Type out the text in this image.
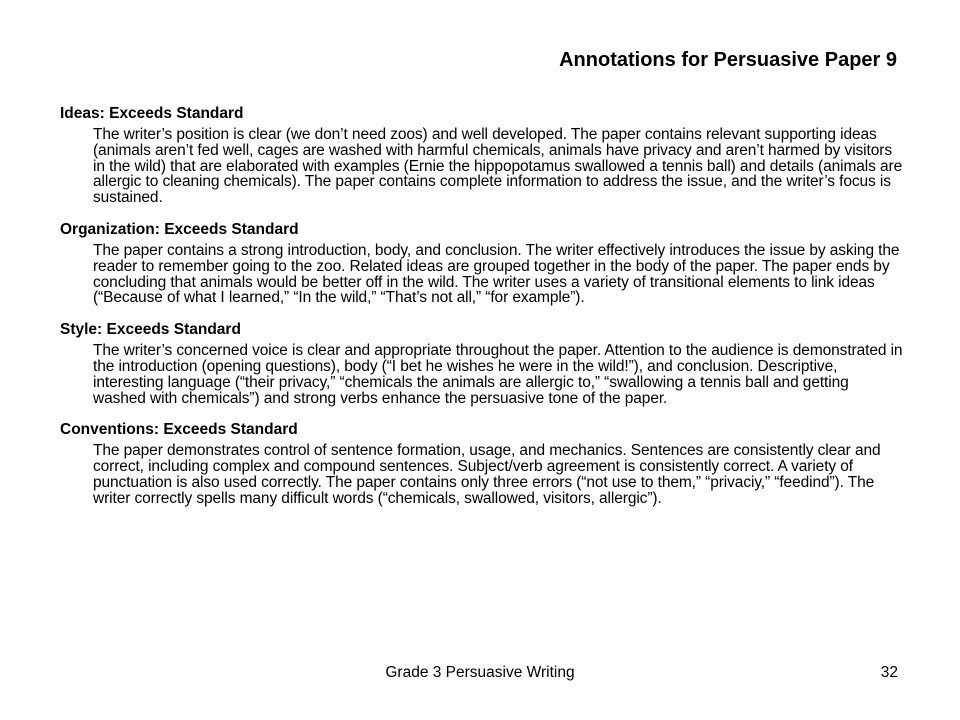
Annotations for Persuasive Paper 9
Ideas: Exceeds Standard
The writer’s position is clear (we don’t need zoos) and well developed. The paper contains relevant supporting ideas (animals aren’t fed well, cages are washed with harmful chemicals, animals have privacy and aren’t harmed by visitors in the wild) that are elaborated with examples (Ernie the hippopotamus swallowed a tennis ball) and details (animals are allergic to cleaning chemicals). The paper contains complete information to address the issue, and the writer’s focus is sustained.
Organization: Exceeds Standard
The paper contains a strong introduction, body, and conclusion. The writer effectively introduces the issue by asking the reader to remember going to the zoo. Related ideas are grouped together in the body of the paper. The paper ends by concluding that animals would be better off in the wild. The writer uses a variety of transitional elements to link ideas (“Because of what I learned,” “In the wild,” “That’s not all,” “for example”).
Style: Exceeds Standard
The writer’s concerned voice is clear and appropriate throughout the paper. Attention to the audience is demonstrated in the introduction (opening questions), body (“I bet he wishes he were in the wild!”), and conclusion. Descriptive, interesting language (“their privacy,” “chemicals the animals are allergic to,” “swallowing a tennis ball and getting washed with chemicals”) and strong verbs enhance the persuasive tone of the paper.
Conventions: Exceeds Standard
The paper demonstrates control of sentence formation, usage, and mechanics. Sentences are consistently clear and correct, including complex and compound sentences. Subject/verb agreement is consistently correct. A variety of punctuation is also used correctly. The paper contains only three errors (“not use to them,” “privaciy,” “feedind”). The writer correctly spells many difficult words (“chemicals, swallowed, visitors, allergic”).
Grade 3 Persuasive Writing	32
